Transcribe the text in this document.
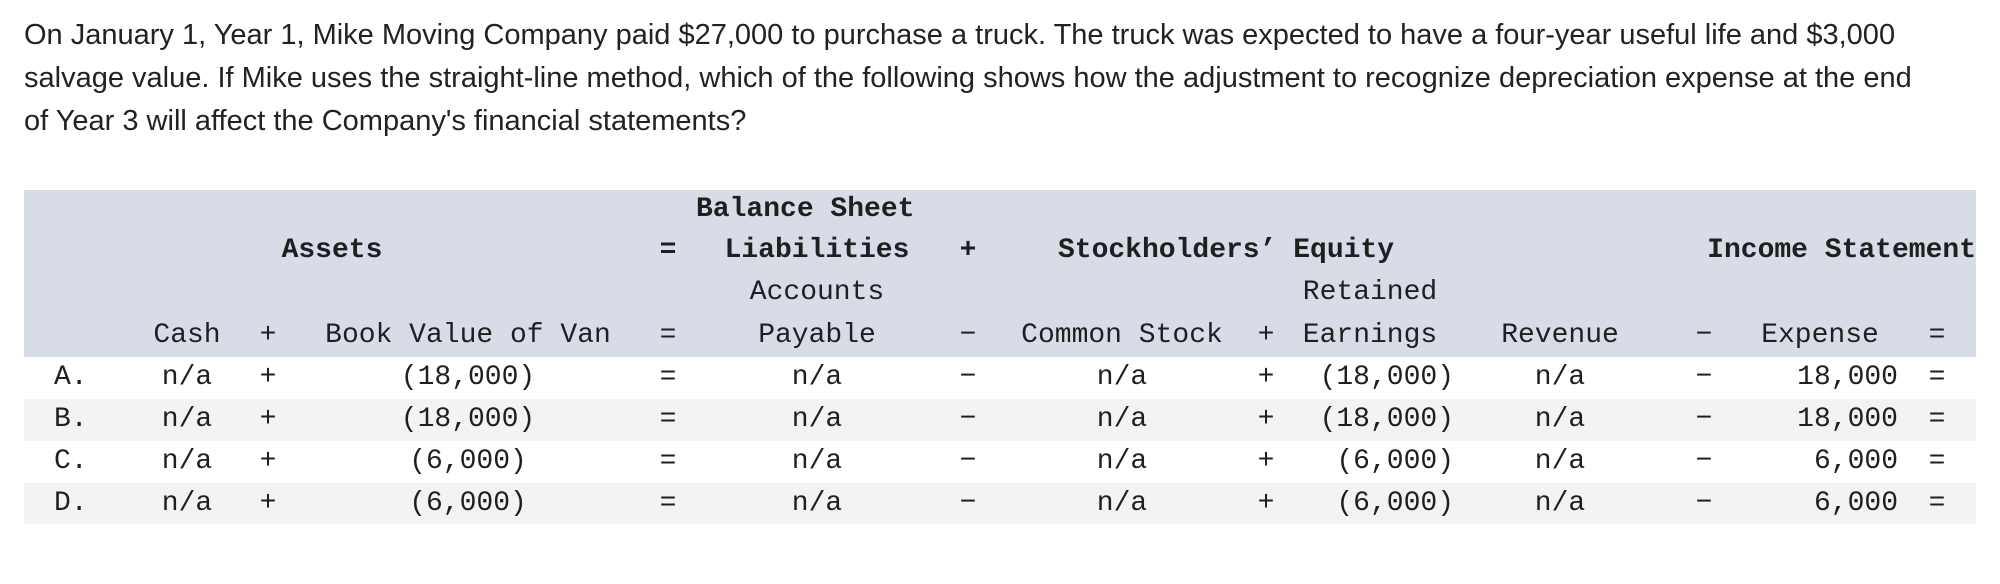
On January 1, Year 1, Mike Moving Company paid $27,000 to purchase a truck. The truck was expected to have a four-year useful life and $3,000 salvage value. If Mike uses the straight-line method, which of the following shows how the adjustment to recognize depreciation expense at the end of Year 3 will affect the Company's financial statements?
					Balance Sheet								
Assets				=	Liabilities	+	Stockholders’ Equity			Income Statement			
					Accounts				Retained				
	Cash	+	Book Value of Van	=	Payable	−	Common Stock	+	Earnings	Revenue	−	Expense	=
A.	n/a	+	(18,000)	=	n/a	−	n/a	+	(18,000)	n/a	−	18,000	=
B.	n/a	+	(18,000)	=	n/a	−	n/a	+	(18,000)	n/a	−	18,000	=
C.	n/a	+	(6,000)	=	n/a	−	n/a	+	(6,000)	n/a	−	6,000	=
D.	n/a	+	(6,000)	=	n/a	−	n/a	+	(6,000)	n/a	−	6,000	=
